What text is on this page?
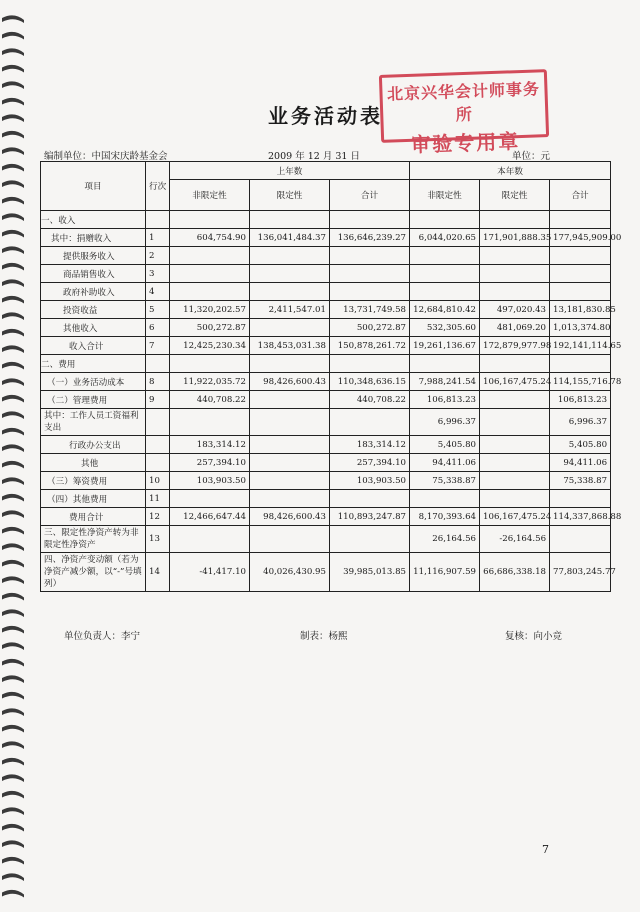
业务活动表
北京兴华会计师事务所
审验专用章
编制单位：中国宋庆龄基金会	2009 年 12 月 31 日	单位：元
项目	行次	上年数			本年数		
		非限定性	限定性	合计	非限定性	限定性	合计
一、收入							
其中：捐赠收入	1	604,754.90	136,041,484.37	136,646,239.27	6,044,020.65	171,901,888.35	177,945,909.00
提供服务收入	2						
商品销售收入	3						
政府补助收入	4						
投资收益	5	11,320,202.57	2,411,547.01	13,731,749.58	12,684,810.42	497,020.43	13,181,830.85
其他收入	6	500,272.87		500,272.87	532,305.60	481,069.20	1,013,374.80
收入合计	7	12,425,230.34	138,453,031.38	150,878,261.72	19,261,136.67	172,879,977.98	192,141,114.65
二、费用							
（一）业务活动成本	8	11,922,035.72	98,426,600.43	110,348,636.15	7,988,241.54	106,167,475.24	114,155,716.78
（二）管理费用	9	440,708.22		440,708.22	106,813.23		106,813.23
其中：工作人员工资福利支出					6,996.37		6,996.37
行政办公支出		183,314.12		183,314.12	5,405.80		5,405.80
其他		257,394.10		257,394.10	94,411.06		94,411.06
（三）筹资费用	10	103,903.50		103,903.50	75,338.87		75,338.87
（四）其他费用	11						
费用合计	12	12,466,647.44	98,426,600.43	110,893,247.87	8,170,393.64	106,167,475.24	114,337,868.88
三、限定性净资产转为非限定性净资产	13				26,164.56	-26,164.56	
四、净资产变动额（若为净资产减少额，以“-”号填列）	14	-41,417.10	40,026,430.95	39,985,013.85	11,116,907.59	66,686,338.18	77,803,245.77

单位负责人：李宁	制表：杨熙	复核：向小竞
7
